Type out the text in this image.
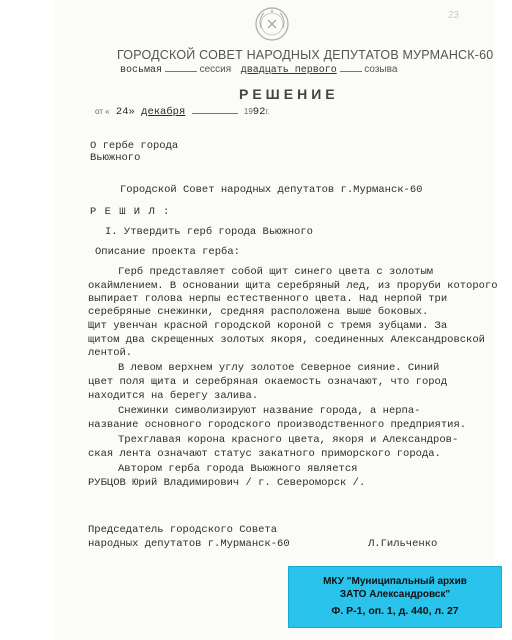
23
ГОРОДСКОЙ СОВЕТ НАРОДНЫХ ДЕПУТАТОВ МУРМАНСК-60
восьмая	сессия двадцать первого	созыва
РЕШЕНИЕ
от « 24» декабря	1992г.
О гербе города
Вьюжного
Городской Совет народных депутатов г.Мурманск-60
Р Е Ш И Л :
I. Утвердить герб города Вьюжного
Описание проекта герба:
Герб представляет собой щит синего цвета с золотым
окаймлением. В основании щита серебряный лед, из проруби которого
выпирает голова нерпы естественного цвета. Над нерпой три
серебряные снежинки, средняя расположена выше боковых.
Щит увенчан красной городской короной с тремя зубцами. За
щитом два скрещенных золотых якоря, соединенных Александровской
лентой.
В левом верхнем углу золотое Северное сияние. Синий
цвет поля щита и серебряная окаемость означают, что город
находится на берегу залива.
Снежинки символизируют название города, а нерпа-
название основного городского производственного предприятия.
Трехглавая корона красного цвета, якоря и Александров-
ская лента означают статус закатного приморского города.
Автором герба города Вьюжного является
РУБЦОВ Юрий Владимирович / г. Североморск /.
Председатель городского Совета
народных депутатов г.Мурманск-60	Л.Гильченко
МКУ "Муниципальный архив
ЗАТО Александровск"
Ф. Р-1, оп. 1, д. 440, л. 27
